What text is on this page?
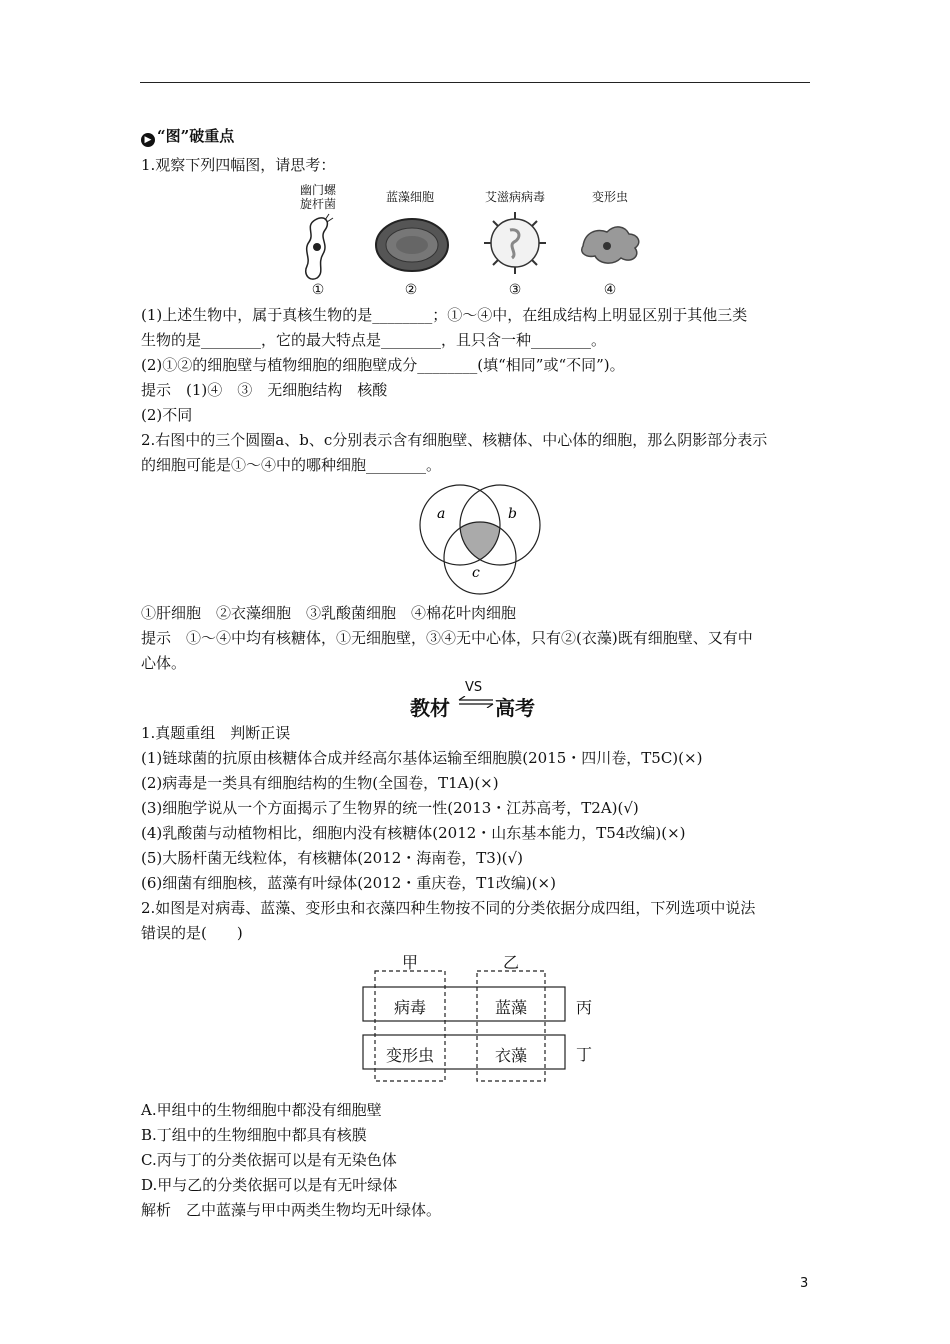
▶ “图”破重点
1.观察下列四幅图，请思考：
幽门螺
旋杆菌	蓝藻细胞	艾滋病病毒	变形虫
①	②	③	④
(1)上述生物中，属于真核生物的是________；①～④中，在组成结构上明显区别于其他三类
生物的是________，它的最大特点是________，且只含一种________。
(2)①②的细胞壁与植物细胞的细胞壁成分________(填“相同”或“不同”)。
提示　(1)④　③　无细胞结构　核酸
(2)不同
2.右图中的三个圆圈a、b、c分别表示含有细胞壁、核糖体、中心体的细胞，那么阴影部分表示
的细胞可能是①～④中的哪种细胞________。
a	b
c
①肝细胞　②衣藻细胞　③乳酸菌细胞　④棉花叶肉细胞
提示　①～④中均有核糖体，①无细胞壁，③④无中心体，只有②(衣藻)既有细胞壁、又有中
心体。
教材
VS
高考
1.真题重组　判断正误
(1)链球菌的抗原由核糖体合成并经高尔基体运输至细胞膜(2015・四川卷，T5C)(×)
(2)病毒是一类具有细胞结构的生物(全国卷，T1A)(×)
(3)细胞学说从一个方面揭示了生物界的统一性(2013・江苏高考，T2A)(√)
(4)乳酸菌与动植物相比，细胞内没有核糖体(2012・山东基本能力，T54改编)(×)
(5)大肠杆菌无线粒体，有核糖体(2012・海南卷，T3)(√)
(6)细菌有细胞核，蓝藻有叶绿体(2012・重庆卷，T1改编)(×)
2.如图是对病毒、蓝藻、变形虫和衣藻四种生物按不同的分类依据分成四组，下列选项中说法
错误的是(　　)
甲	乙
丙
丁
病毒	蓝藻
变形虫	衣藻
A.甲组中的生物细胞中都没有细胞壁
B.丁组中的生物细胞中都具有核膜
C.丙与丁的分类依据可以是有无染色体
D.甲与乙的分类依据可以是有无叶绿体
解析　乙中蓝藻与甲中两类生物均无叶绿体。
3
